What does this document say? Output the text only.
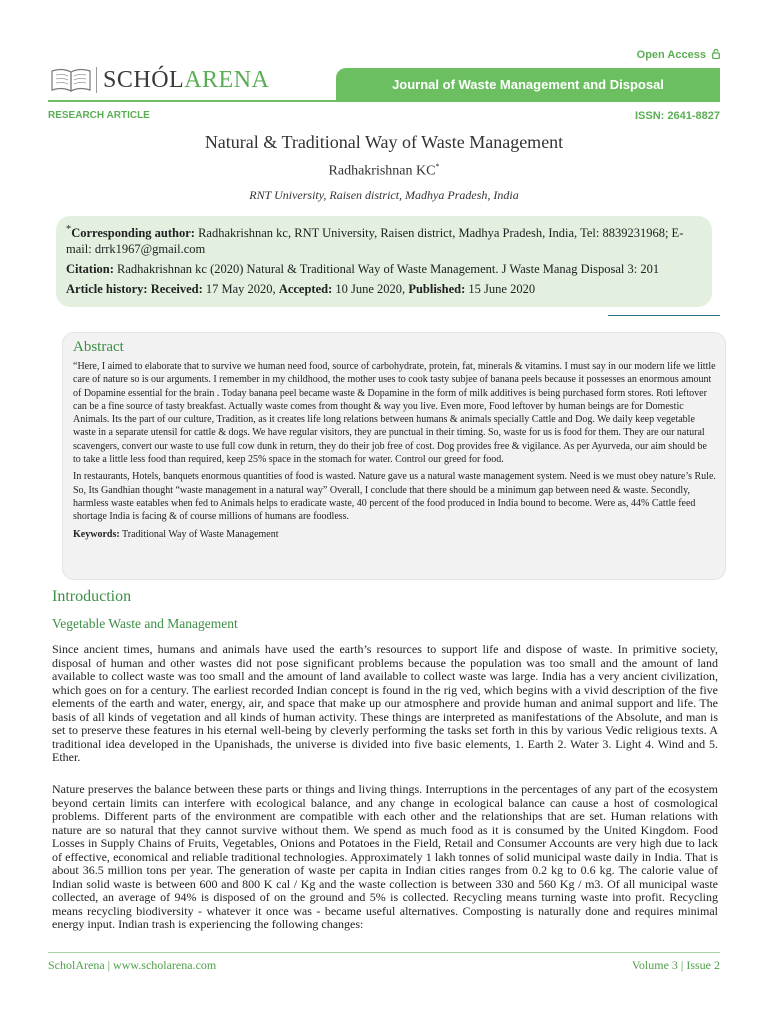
Open Access
SCHÓLARENA	Journal of Waste Management and Disposal
RESEARCH ARTICLE	ISSN: 2641-8827
Natural & Traditional Way of Waste Management
Radhakrishnan KC*
RNT University, Raisen district, Madhya Pradesh, India

*Corresponding author: Radhakrishnan kc, RNT University, Raisen district, Madhya Pradesh, India, Tel: 8839231968; E-mail: drrk1967@gmail.com

Citation: Radhakrishnan kc (2020) Natural & Traditional Way of Waste Management. J Waste Manag Disposal 3: 201

Article history: Received: 17 May 2020, Accepted: 10 June 2020, Published: 15 June 2020

Abstract

“Here, I aimed to elaborate that to survive we human need food, source of carbohydrate, protein, fat, minerals & vitamins. I must say in our modern life we little care of nature so is our arguments. I remember in my childhood, the mother uses to cook tasty subjee of banana peels because it possesses an enormous amount of Dopamine essential for the brain . Today banana peel became waste & Dopamine in the form of milk additives is being purchased form stores. Roti leftover can be a fine source of tasty breakfast. Actually waste comes from thought & way you live. Even more, Food leftover by human beings are for Domestic Animals. Its the part of our culture, Tradition, as it creates life long relations between humans & animals specially Cattle and Dog. We daily keep vegetable waste in a separate utensil for cattle & dogs. We have regular visitors, they are punctual in their timing. So, waste for us is food for them. They are our natural scavengers, convert our waste to use full cow dunk in return, they do their job free of cost. Dog provides free & vigilance. As per Ayurveda, our aim should be to take a little less food than required, keep 25% space in the stomach for water. Control our greed for food.

In restaurants, Hotels, banquets enormous quantities of food is wasted. Nature gave us a natural waste management system. Need is we must obey nature’s Rule. So, Its Gandhian thought “waste management in a natural way” Overall, I conclude that there should be a minimum gap between need & waste. Secondly, harmless waste eatables when fed to Animals helps to eradicate waste, 40 percent of the food produced in India bound to become. Were as, 44% Cattle feed shortage India is facing & of course millions of humans are foodless.

Keywords: Traditional Way of Waste Management

Introduction
Vegetable Waste and Management

Since ancient times, humans and animals have used the earth’s resources to support life and dispose of waste. In primitive society, disposal of human and other wastes did not pose significant problems because the population was too small and the amount of land available to collect waste was too small and the amount of land available to collect waste was large. India has a very ancient civilization, which goes on for a century. The earliest recorded Indian concept is found in the rig ved, which begins with a vivid description of the five elements of the earth and water, energy, air, and space that make up our atmosphere and provide human and animal support and life. The basis of all kinds of vegetation and all kinds of human activity. These things are interpreted as manifestations of the Absolute, and man is set to preserve these features in his eternal well-being by cleverly performing the tasks set forth in this by various Vedic religious texts. A traditional idea developed in the Upanishads, the universe is divided into five basic elements, 1. Earth 2. Water 3. Light 4. Wind and 5. Ether.

Nature preserves the balance between these parts or things and living things. Interruptions in the percentages of any part of the ecosystem beyond certain limits can interfere with ecological balance, and any change in ecological balance can cause a host of cosmological problems. Different parts of the environment are compatible with each other and the relationships that are set. Human relations with nature are so natural that they cannot survive without them. We spend as much food as it is consumed by the United Kingdom. Food Losses in Supply Chains of Fruits, Vegetables, Onions and Potatoes in the Field, Retail and Consumer Accounts are very high due to lack of effective, economical and reliable traditional technologies. Approximately 1 lakh tonnes of solid municipal waste daily in India. That is about 36.5 million tons per year. The generation of waste per capita in Indian cities ranges from 0.2 kg to 0.6 kg. The calorie value of Indian solid waste is between 600 and 800 K cal / Kg and the waste collection is between 330 and 560 Kg / m3. Of all municipal waste collected, an average of 94% is disposed of on the ground and 5% is collected. Recycling means turning waste into profit. Recycling means recycling biodiversity - whatever it once was - became useful alternatives. Composting is naturally done and requires minimal energy input. Indian trash is experiencing the following changes:

ScholArena | www.scholarena.com	Volume 3 | Issue 2
